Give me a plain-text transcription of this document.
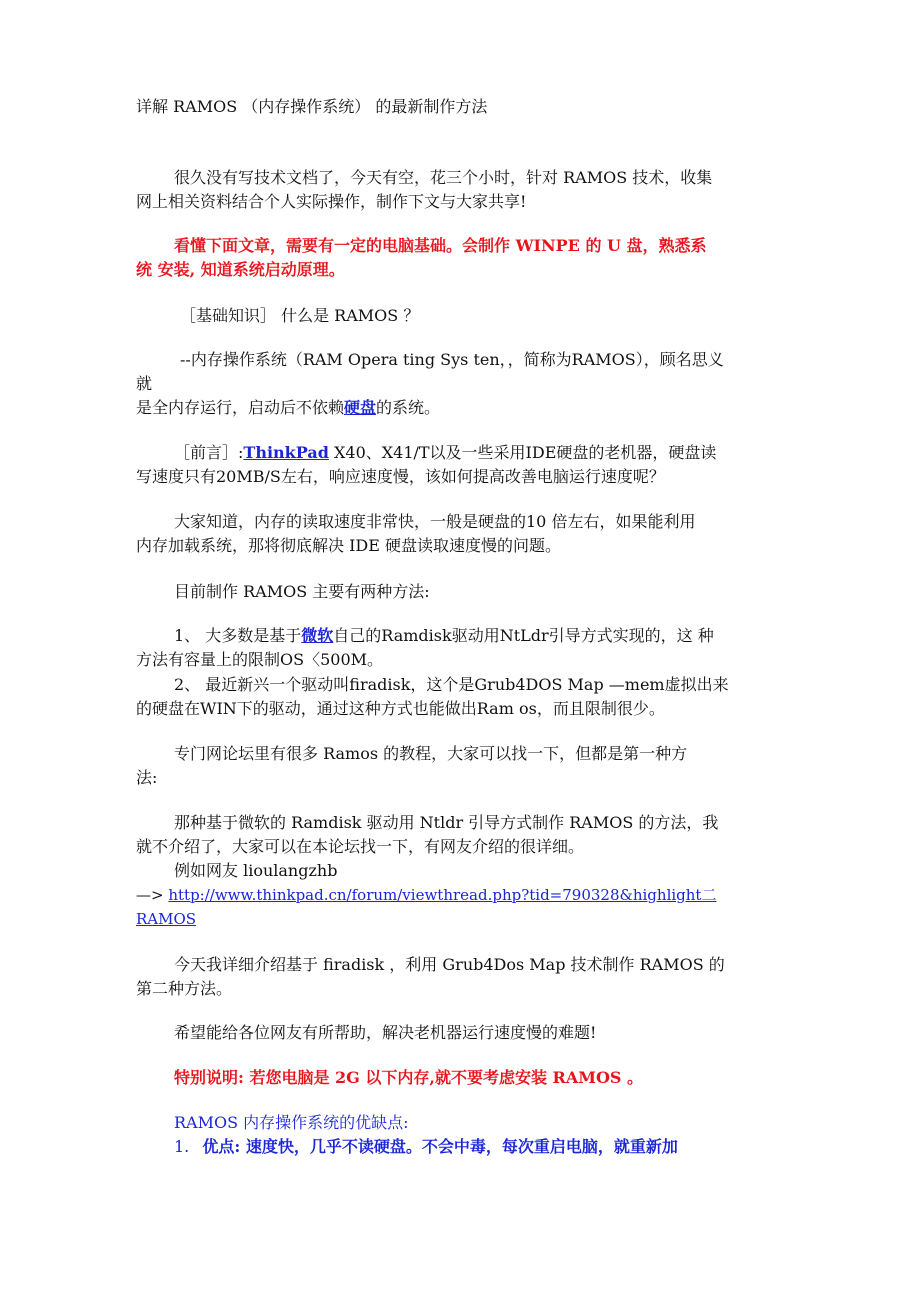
详解 RAMOS （内存操作系统） 的最新制作方法
很久没有写技术文档了，今天有空，花三个小时，针对 RAMOS 技术，收集
网上相关资料结合个人实际操作，制作下文与大家共享!
看懂下面文章，需要有一定的电脑基础。会制作 WINPE 的 U 盘，熟悉系
统 安装, 知道系统启动原理。
［基础知识］ 什么是 RAMOS ？
--内存操作系统（RAM Opera ting Sys ten，，简称为RAMOS），顾名思义
就
是全内存运行，启动后不依赖硬盘的系统。
［前言］:ThinkPad X40、X41/T以及一些采用IDE硬盘的老机器，硬盘读
写速度只有20MB/S左右，响应速度慢，该如何提高改善电脑运行速度呢？
大家知道，内存的读取速度非常快，一般是硬盘的10 倍左右，如果能利用
内存加载系统，那将彻底解决 IDE 硬盘读取速度慢的问题。
目前制作 RAMOS 主要有两种方法:
1、 大多数是基于微软自己的Ramdisk驱动用NtLdr引导方式实现的，这 种
方法有容量上的限制OS〈500M。
2、 最近新兴一个驱动叫firadisk，这个是Grub4DOS Map —mem虚拟出来
的硬盘在WIN下的驱动，通过这种方式也能做出Ram os，而且限制很少。
专门网论坛里有很多 Ramos 的教程，大家可以找一下，但都是第一种方
法:
那种基于微软的 Ramdisk 驱动用 Ntldr 引导方式制作 RAMOS 的方法，我
就不介绍了，大家可以在本论坛找一下，有网友介绍的很详细。
例如网友 lioulangzhb
—> http://www.thinkpad.cn/forum/viewthread.php?tid=790328&highlight二
RAMOS
今天我详细介绍基于 firadisk ，利用 Grub4Dos Map 技术制作 RAMOS 的
第二种方法。
希望能给各位网友有所帮助，解决老机器运行速度慢的难题!
特别说明: 若您电脑是 2G 以下内存,就不要考虑安装 RAMOS 。
RAMOS 内存操作系统的优缺点:
1. 优点: 速度快，几乎不读硬盘。不会中毒，每次重启电脑，就重新加
